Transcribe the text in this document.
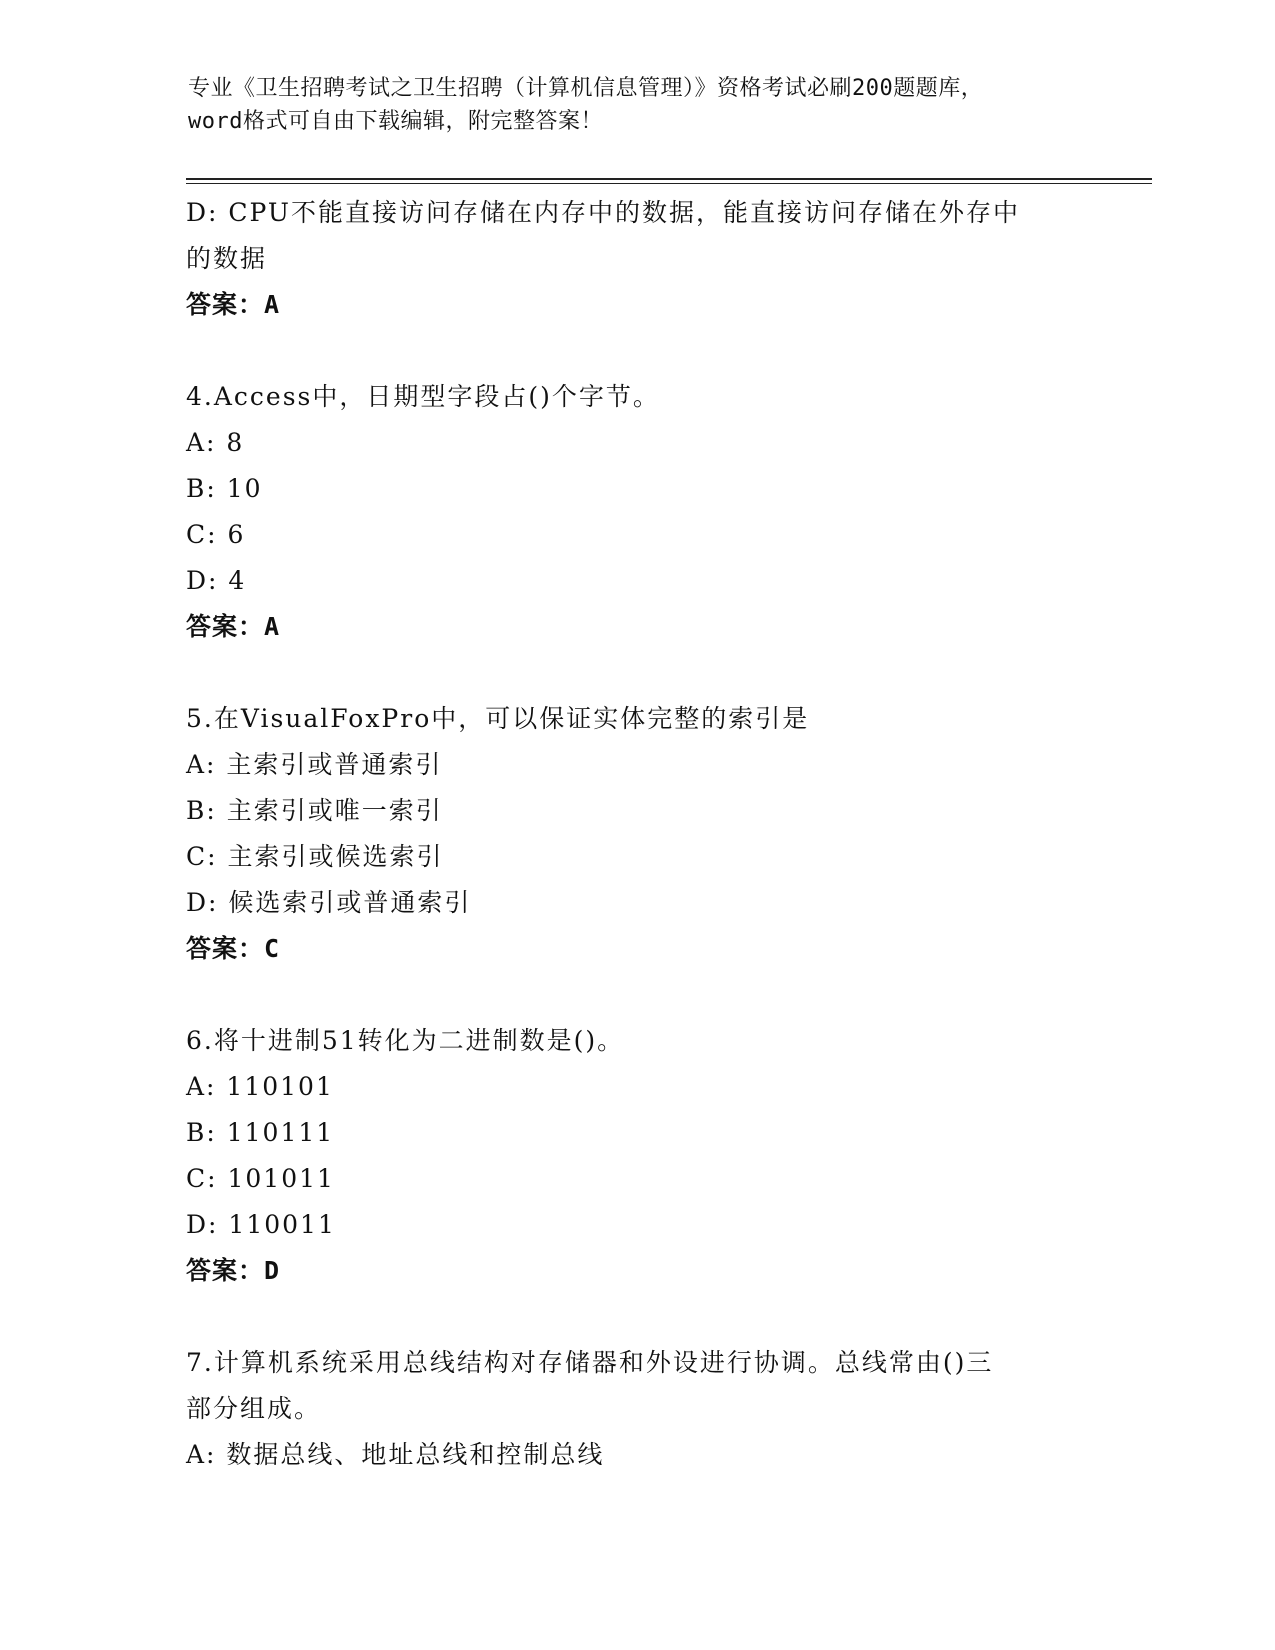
专业《卫生招聘考试之卫生招聘（计算机信息管理）》资格考试必刷200题题库，
word格式可自由下载编辑，附完整答案！
D: CPU不能直接访问存储在内存中的数据，能直接访问存储在外存中
的数据
答案：A
4.Access中，日期型字段占()个字节。
A: 8
B: 10
C: 6
D: 4
答案：A
5.在VisualFoxPro中，可以保证实体完整的索引是
A: 主索引或普通索引
B: 主索引或唯一索引
C: 主索引或候选索引
D: 候选索引或普通索引
答案：C
6.将十进制51转化为二进制数是()。
A: 110101
B: 110111
C: 101011
D: 110011
答案：D
7.计算机系统采用总线结构对存储器和外设进行协调。总线常由()三
部分组成。
A: 数据总线、地址总线和控制总线
